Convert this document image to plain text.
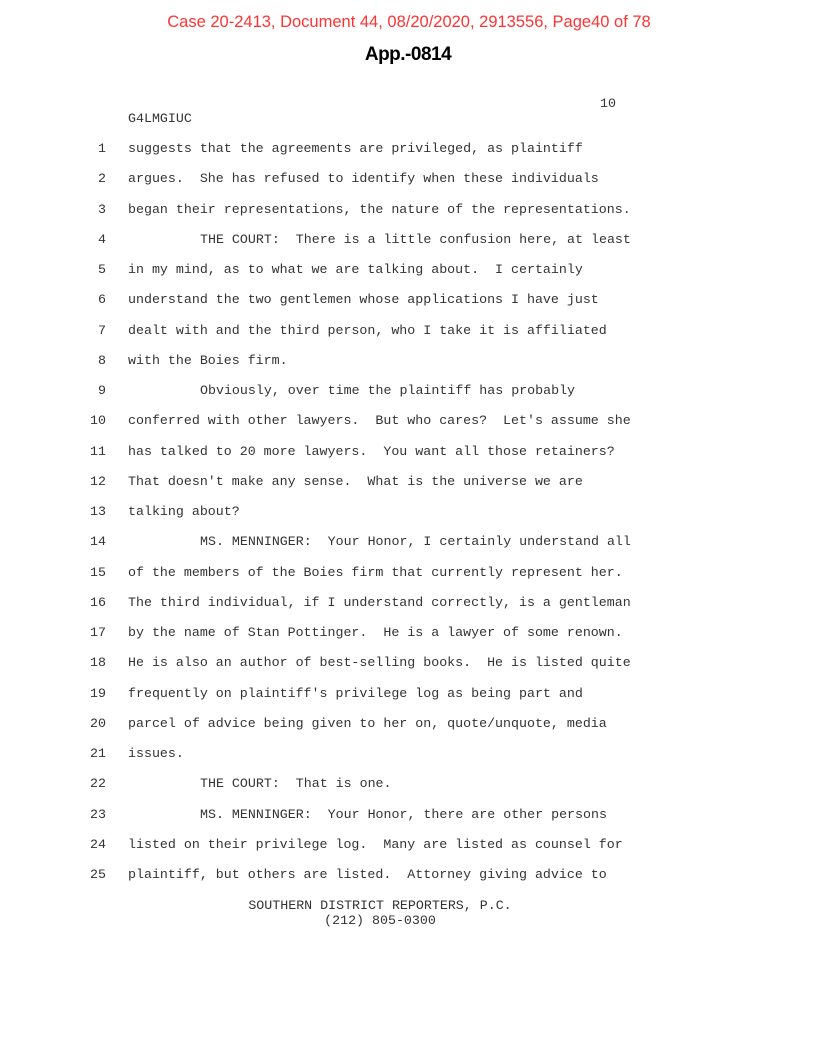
Case 20-2413, Document 44, 08/20/2020, 2913556, Page40 of 78
App.-0814
10
G4LMGIUC
1 suggests that the agreements are privileged, as plaintiff
2 argues.  She has refused to identify when these individuals
3 began their representations, the nature of the representations.
4	THE COURT:  There is a little confusion here, at least
5 in my mind, as to what we are talking about.  I certainly
6 understand the two gentlemen whose applications I have just
7 dealt with and the third person, who I take it is affiliated
8 with the Boies firm.
9	Obviously, over time the plaintiff has probably
10 conferred with other lawyers.  But who cares?  Let's assume she
11 has talked to 20 more lawyers.  You want all those retainers?
12 That doesn't make any sense.  What is the universe we are
13 talking about?
14	MS. MENNINGER:  Your Honor, I certainly understand all
15 of the members of the Boies firm that currently represent her.
16 The third individual, if I understand correctly, is a gentleman
17 by the name of Stan Pottinger.  He is a lawyer of some renown.
18 He is also an author of best-selling books.  He is listed quite
19 frequently on plaintiff's privilege log as being part and
20 parcel of advice being given to her on, quote/unquote, media
21 issues.
22	THE COURT:  That is one.
23	MS. MENNINGER:  Your Honor, there are other persons
24 listed on their privilege log.  Many are listed as counsel for
25 plaintiff, but others are listed.  Attorney giving advice to
SOUTHERN DISTRICT REPORTERS, P.C.
(212) 805-0300
